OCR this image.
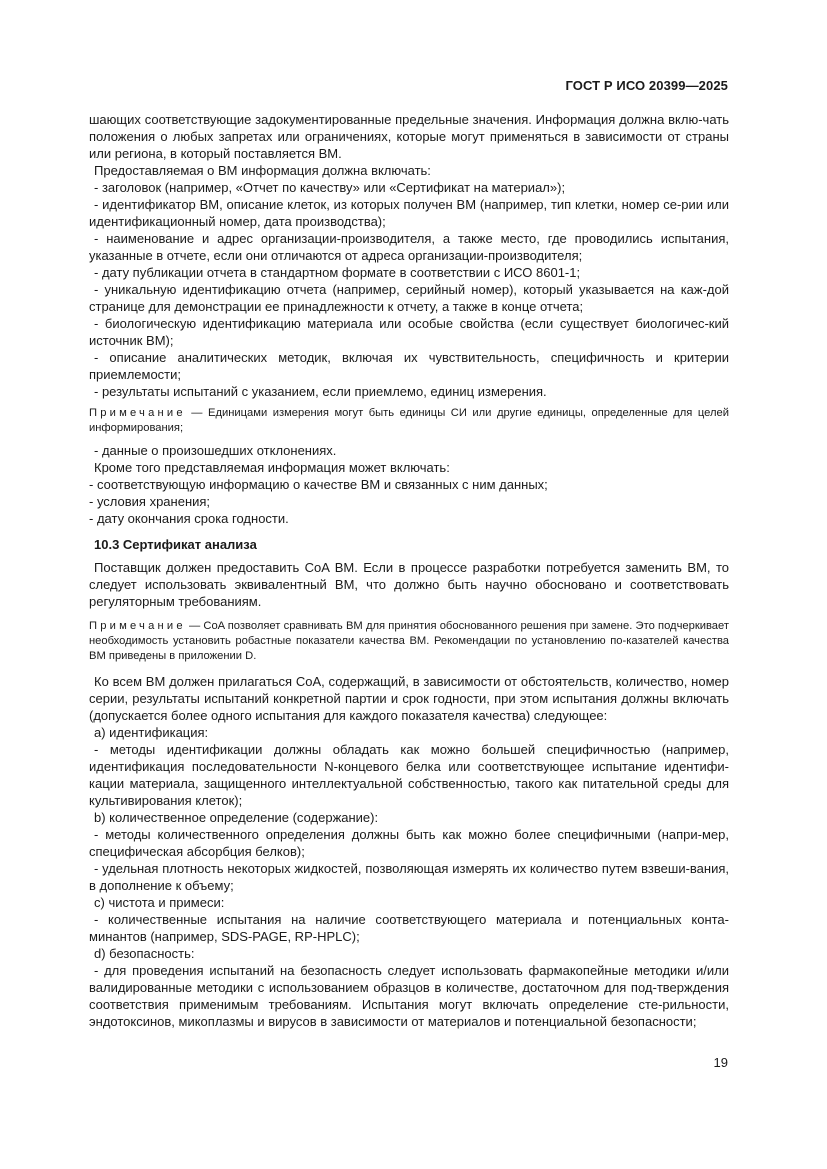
ГОСТ Р ИСО 20399—2025
шающих соответствующие задокументированные предельные значения. Информация должна вклю-чать положения о любых запретах или ограничениях, которые могут применяться в зависимости от страны или региона, в который поставляется ВМ.
Предоставляемая о ВМ информация должна включать:
- заголовок (например, «Отчет по качеству» или «Сертификат на материал»);
- идентификатор ВМ, описание клеток, из которых получен ВМ (например, тип клетки, номер се-рии или идентификационный номер, дата производства);
- наименование и адрес организации-производителя, а также место, где проводились испытания, указанные в отчете, если они отличаются от адреса организации-производителя;
- дату публикации отчета в стандартном формате в соответствии с ИСО 8601-1;
- уникальную идентификацию отчета (например, серийный номер), который указывается на каж-дой странице для демонстрации ее принадлежности к отчету, а также в конце отчета;
- биологическую идентификацию материала или особые свойства (если существует биологичес-кий источник ВМ);
- описание аналитических методик, включая их чувствительность, специфичность и критерии приемлемости;
- результаты испытаний с указанием, если приемлемо, единиц измерения.
Примечание — Единицами измерения могут быть единицы СИ или другие единицы, определенные для целей информирования;
- данные о произошедших отклонениях.
Кроме того представляемая информация может включать:
- соответствующую информацию о качестве ВМ и связанных с ним данных;
- условия хранения;
- дату окончания срока годности.
10.3 Сертификат анализа
Поставщик должен предоставить CoA ВМ. Если в процессе разработки потребуется заменить ВМ, то следует использовать эквивалентный ВМ, что должно быть научно обосновано и соответствовать регуляторным требованиям.
Примечание — CoA позволяет сравнивать ВМ для принятия обоснованного решения при замене. Это подчеркивает необходимость установить робастные показатели качества ВМ. Рекомендации по установлению по-казателей качества ВМ приведены в приложении D.
Ко всем ВМ должен прилагаться CoA, содержащий, в зависимости от обстоятельств, количество, номер серии, результаты испытаний конкретной партии и срок годности, при этом испытания должны включать (допускается более одного испытания для каждого показателя качества) следующее:
а) идентификация:
- методы идентификации должны обладать как можно большей специфичностью (например, идентификация последовательности N-концевого белка или соответствующее испытание идентифи-кации материала, защищенного интеллектуальной собственностью, такого как питательной среды для культивирования клеток);
b) количественное определение (содержание):
- методы количественного определения должны быть как можно более специфичными (напри-мер, специфическая абсорбция белков);
- удельная плотность некоторых жидкостей, позволяющая измерять их количество путем взвеши-вания, в дополнение к объему;
c) чистота и примеси:
- количественные испытания на наличие соответствующего материала и потенциальных конта-минантов (например, SDS-PAGE, RP-HPLC);
d) безопасность:
- для проведения испытаний на безопасность следует использовать фармакопейные методики и/или валидированные методики с использованием образцов в количестве, достаточном для под-тверждения соответствия применимым требованиям. Испытания могут включать определение сте-рильности, эндотоксинов, микоплазмы и вирусов в зависимости от материалов и потенциальной безопасности;
19
